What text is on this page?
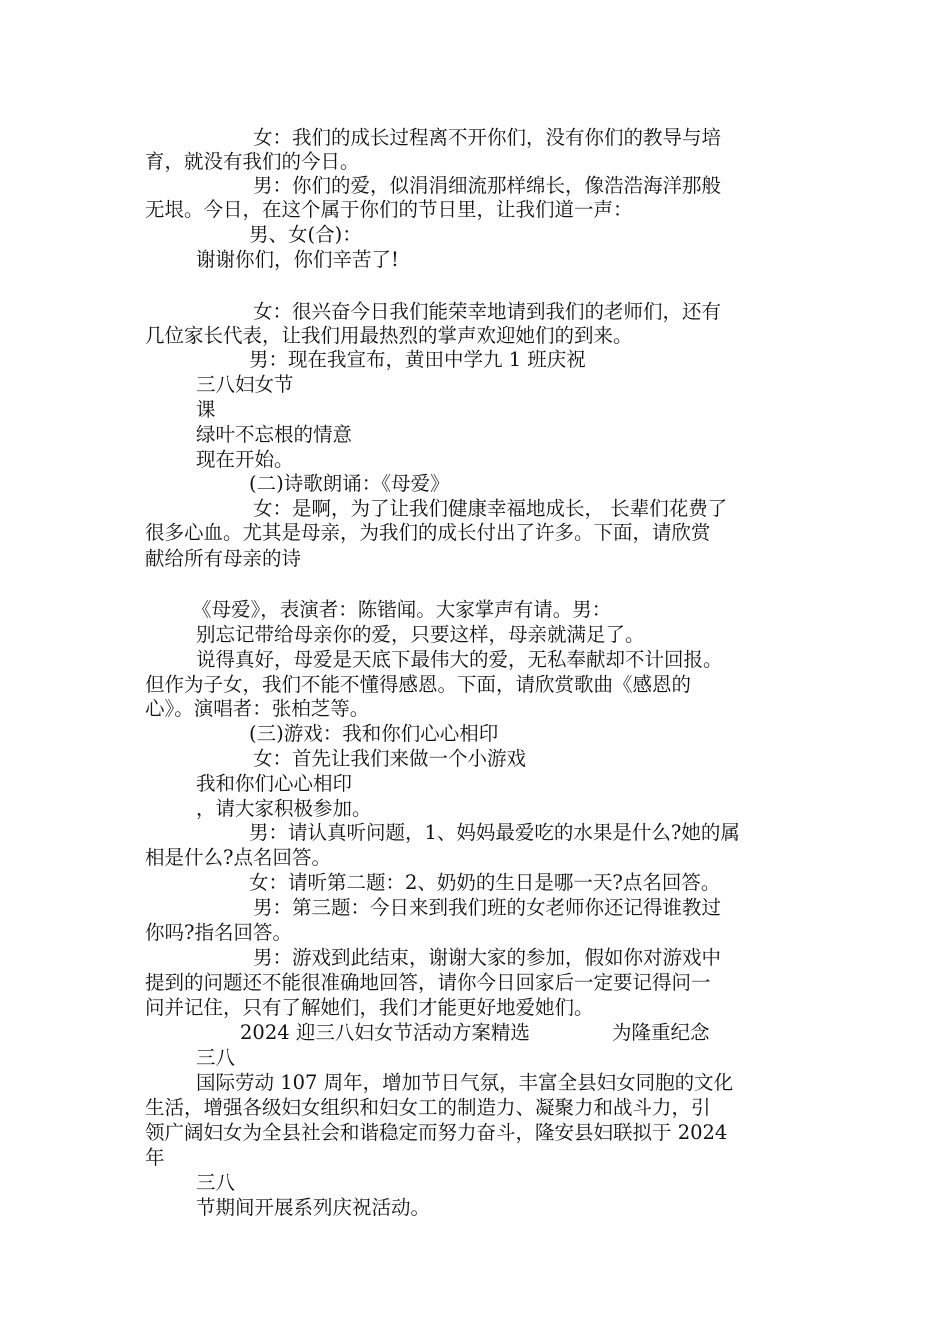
女：我们的成长过程离不开你们，没有你们的教导与培
育，就没有我们的今日。
男：你们的爱，似涓涓细流那样绵长，像浩浩海洋那般
无垠。今日，在这个属于你们的节日里，让我们道一声：
男、女(合)：
谢谢你们，你们辛苦了!
女：很兴奋今日我们能荣幸地请到我们的老师们，还有
几位家长代表，让我们用最热烈的掌声欢迎她们的到来。
男：现在我宣布，黄田中学九 1 班庆祝
三八妇女节
课
绿叶不忘根的情意
现在开始。
(二)诗歌朗诵：《母爱》
女：是啊，为了让我们健康幸福地成长， 长辈们花费了
很多心血。尤其是母亲，为我们的成长付出了许多。下面，请欣赏
献给所有母亲的诗
《母爱》，表演者：陈锴闻。大家掌声有请。男：
别忘记带给母亲你的爱，只要这样，母亲就满足了。
说得真好，母爱是天底下最伟大的爱，无私奉献却不计回报。
但作为子女，我们不能不懂得感恩。下面，请欣赏歌曲《感恩的
心》。演唱者：张柏芝等。
(三)游戏：我和你们心心相印
女：首先让我们来做一个小游戏
我和你们心心相印
，请大家积极参加。
男：请认真听问题，1、妈妈最爱吃的水果是什么?她的属
相是什么?点名回答。
女：请听第二题：2、奶奶的生日是哪一天?点名回答。
男：第三题：今日来到我们班的女老师你还记得谁教过
你吗?指名回答。
男：游戏到此结束，谢谢大家的参加，假如你对游戏中
提到的问题还不能很准确地回答，请你今日回家后一定要记得问一
问并记住，只有了解她们，我们才能更好地爱她们。
2024 迎三八妇女节活动方案精选	为隆重纪念
三八
国际劳动 107 周年，增加节日气氛，丰富全县妇女同胞的文化
生活，增强各级妇女组织和妇女工的制造力、凝聚力和战斗力，引
领广阔妇女为全县社会和谐稳定而努力奋斗，隆安县妇联拟于 2024
年
三八
节期间开展系列庆祝活动。
